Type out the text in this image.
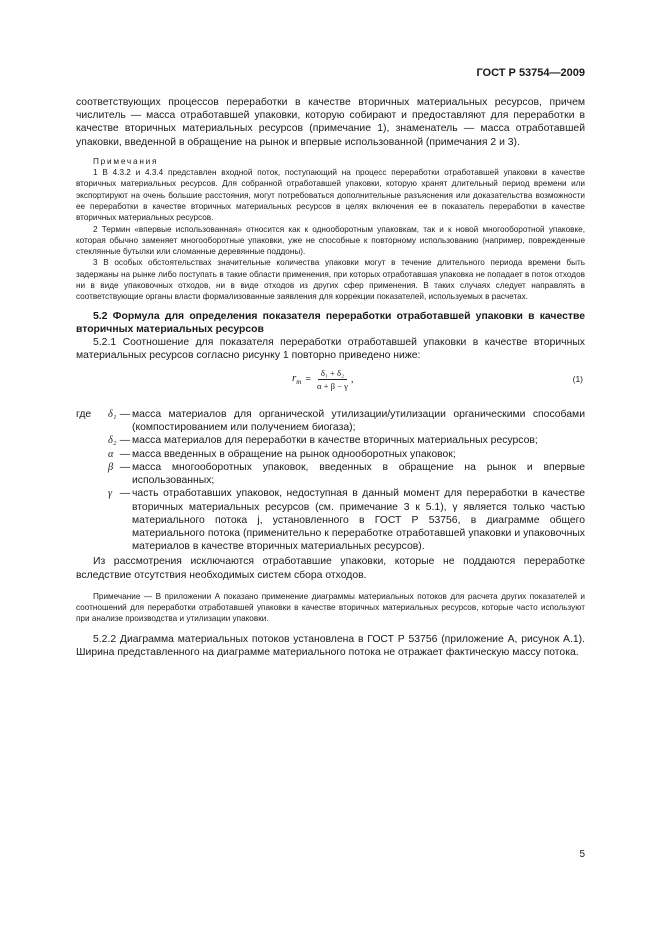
ГОСТ Р 53754—2009

соответствующих процессов переработки в качестве вторичных материальных ресурсов, причем числитель — масса отработавшей упаковки, которую собирают и предоставляют для переработки в качестве вторичных материальных ресурсов (примечание 1), знаменатель — масса отработавшей упаковки, введенной в обращение на рынок и впервые использованной (примечания 2 и 3).

Примечания

1 В 4.3.2 и 4.3.4 представлен входной поток, поступающий на процесс переработки отработавшей упаковки в качестве вторичных материальных ресурсов. Для собранной отработавшей упаковки, которую хранят длительный период времени или экспортируют на очень большие расстояния, могут потребоваться дополнительные разъяснения или доказательства возможности ее переработки в качестве вторичных материальных ресурсов в целях включения ее в показатель переработки в качестве вторичных материальных ресурсов.

2 Термин «впервые использованная» относится как к однооборотным упаковкам, так и к новой многооборотной упаковке, которая обычно заменяет многооборотные упаковки, уже не способные к повторному использованию (например, поврежденные стеклянные бутылки или сломанные деревянные поддоны).

3 В особых обстоятельствах значительные количества упаковки могут в течение длительного периода времени быть задержаны на рынке либо поступать в такие области применения, при которых отработавшая упаковка не попадает в поток отходов ни в виде упаковочных отходов, ни в виде отходов из других сфер применения. В таких случаях следует направлять в соответствующие органы власти формализованные заявления для коррекции показателей, используемых в расчетах.

5.2 Формула для определения показателя переработки отработавшей упаковки в качестве вторичных материальных ресурсов

5.2.1 Соотношение для показателя переработки отработавшей упаковки в качестве вторичных материальных ресурсов согласно рисунку 1 повторно приведено ниже:

$r_m = \frac{\text{δ₁ + δ₂}}{\alpha + \beta - \gamma}$ ,	(1)
где	δ₁ — масса материалов для органической утилизации/утилизации органическими способами (компостированием или получением биогаза);
δ₂ — масса материалов для переработки в качестве вторичных материальных ресурсов;
α — масса введенных в обращение на рынок однооборотных упаковок;
β — масса многооборотных упаковок, введенных в обращение на рынок и впервые использованных;
γ — часть отработавших упаковок, недоступная в данный момент для переработки в качестве вторичных материальных ресурсов (см. примечание 3 к 5.1), γ является только частью материального потока j, установленного в ГОСТ Р 53756, в диаграмме общего материального потока (применительно к переработке отработавшей упаковки и упаковочных материалов в качестве вторичных материальных ресурсов).

Из рассмотрения исключаются отработавшие упаковки, которые не поддаются переработке вследствие отсутствия необходимых систем сбора отходов.

Примечание — В приложении А показано применение диаграммы материальных потоков для расчета других показателей и соотношений для переработки отработавшей упаковки в качестве вторичных материальных ресурсов, которые часто используют при анализе производства и утилизации упаковки.

5.2.2 Диаграмма материальных потоков установлена в ГОСТ Р 53756 (приложение А, рисунок А.1). Ширина представленного на диаграмме материального потока не отражает фактическую массу потока.

5
